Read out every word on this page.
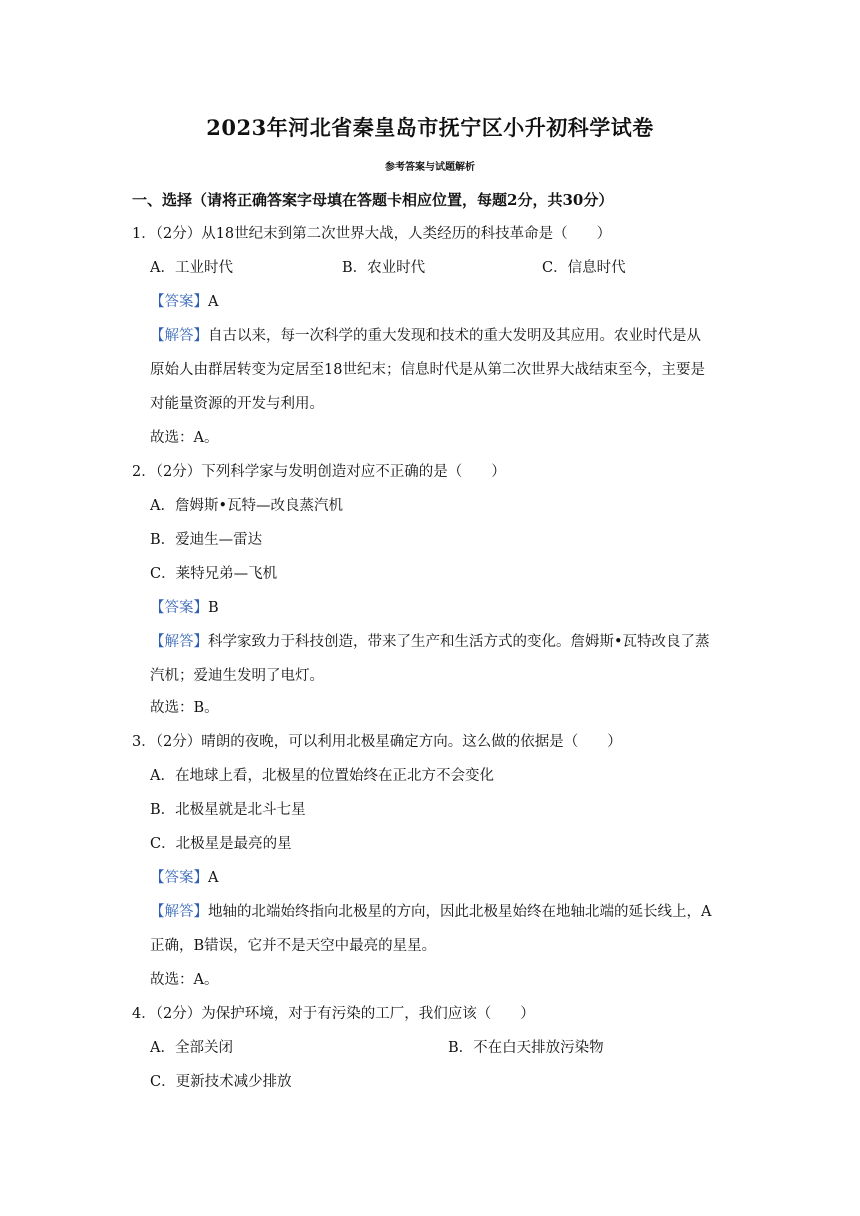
2023年河北省秦皇岛市抚宁区小升初科学试卷
参考答案与试题解析
一、选择（请将正确答案字母填在答题卡相应位置，每题2分，共30分）
1．（2分）从18世纪末到第二次世界大战，人类经历的科技革命是（　　）
A．工业时代	B．农业时代	C．信息时代
【答案】A
【解答】自古以来，每一次科学的重大发现和技术的重大发明及其应用。农业时代是从
原始人由群居转变为定居至18世纪末；信息时代是从第二次世界大战结束至今，主要是
对能量资源的开发与利用。
故选：A。
2．（2分）下列科学家与发明创造对应不正确的是（　　）
A．詹姆斯•瓦特—改良蒸汽机
B．爱迪生—雷达
C．莱特兄弟—飞机
【答案】B
【解答】科学家致力于科技创造，带来了生产和生活方式的变化。詹姆斯•瓦特改良了蒸
汽机；爱迪生发明了电灯。
故选：B。
3．（2分）晴朗的夜晚，可以利用北极星确定方向。这么做的依据是（　　）
A．在地球上看，北极星的位置始终在正北方不会变化
B．北极星就是北斗七星
C．北极星是最亮的星
【答案】A
【解答】地轴的北端始终指向北极星的方向，因此北极星始终在地轴北端的延长线上，A
正确，B错误，它并不是天空中最亮的星星。
故选：A。
4．（2分）为保护环境，对于有污染的工厂，我们应该（　　）
A．全部关闭	B．不在白天排放污染物
C．更新技术减少排放
